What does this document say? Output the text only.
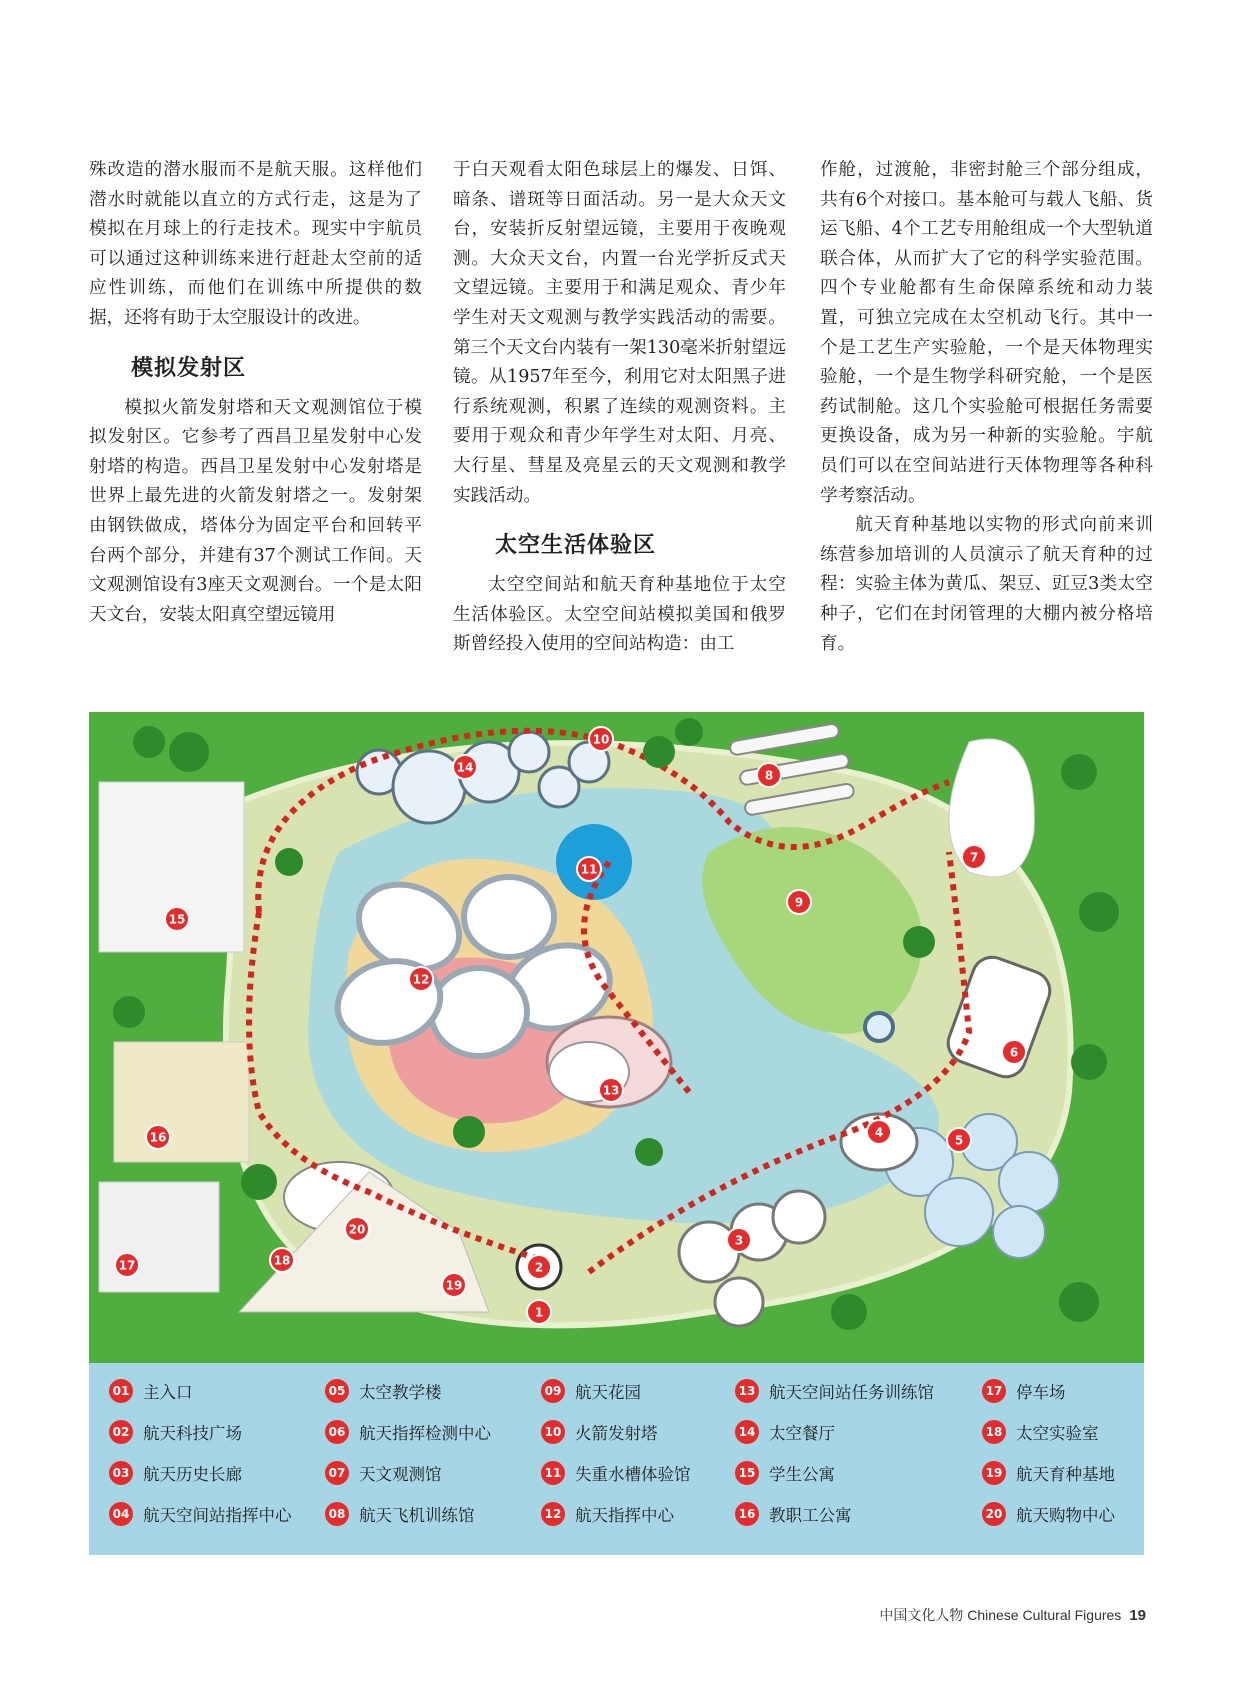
殊改造的潜水服而不是航天服。这样他们潜水时就能以直立的方式行走，这是为了模拟在月球上的行走技术。现实中宇航员可以通过这种训练来进行赶赴太空前的适应性训练，而他们在训练中所提供的数据，还将有助于太空服设计的改进。

模拟发射区

模拟火箭发射塔和天文观测馆位于模拟发射区。它参考了西昌卫星发射中心发射塔的构造。西昌卫星发射中心发射塔是世界上最先进的火箭发射塔之一。发射架由钢铁做成，塔体分为固定平台和回转平台两个部分，并建有37个测试工作间。天文观测馆设有3座天文观测台。一个是太阳天文台，安装太阳真空望远镜用

于白天观看太阳色球层上的爆发、日饵、暗条、谱斑等日面活动。另一是大众天文台，安装折反射望远镜，主要用于夜晚观测。大众天文台，内置一台光学折反式天文望远镜。主要用于和满足观众、青少年学生对天文观测与教学实践活动的需要。第三个天文台内装有一架130毫米折射望远镜。从1957年至今，利用它对太阳黑子进行系统观测，积累了连续的观测资料。主要用于观众和青少年学生对太阳、月亮、大行星、彗星及亮星云的天文观测和教学实践活动。

太空生活体验区

太空空间站和航天育种基地位于太空生活体验区。太空空间站模拟美国和俄罗斯曾经投入使用的空间站构造：由工

作舱，过渡舱，非密封舱三个部分组成，共有6个对接口。基本舱可与载人飞船、货运飞船、4个工艺专用舱组成一个大型轨道联合体，从而扩大了它的科学实验范围。四个专业舱都有生命保障系统和动力装置，可独立完成在太空机动飞行。其中一个是工艺生产实验舱，一个是天体物理实验舱，一个是生物学科研究舱，一个是医药试制舱。这几个实验舱可根据任务需要更换设备，成为另一种新的实验舱。宇航员们可以在空间站进行天体物理等各种科学考察活动。

航天育种基地以实物的形式向前来训练营参加培训的人员演示了航天育种的过程：实验主体为黄瓜、架豆、豇豆3类太空种子，它们在封闭管理的大棚内被分格培育。

1
2
3
4
5
6
7
8
9
10
11
12
13
14
15
16
17	18
19
20
01 主入口
02 航天科技广场
03 航天历史长廊
04 航天空间站指挥中心
05 太空教学楼
06 航天指挥检测中心
07 天文观测馆
08 航天飞机训练馆
09 航天花园
10 火箭发射塔
11 失重水槽体验馆
12 航天指挥中心
13 航天空间站任务训练馆
14 太空餐厅
15 学生公寓
16 教职工公寓
17 停车场
18 太空实验室
19 航天育种基地
20 航天购物中心
中国文化人物 Chinese Cultural Figures 19
